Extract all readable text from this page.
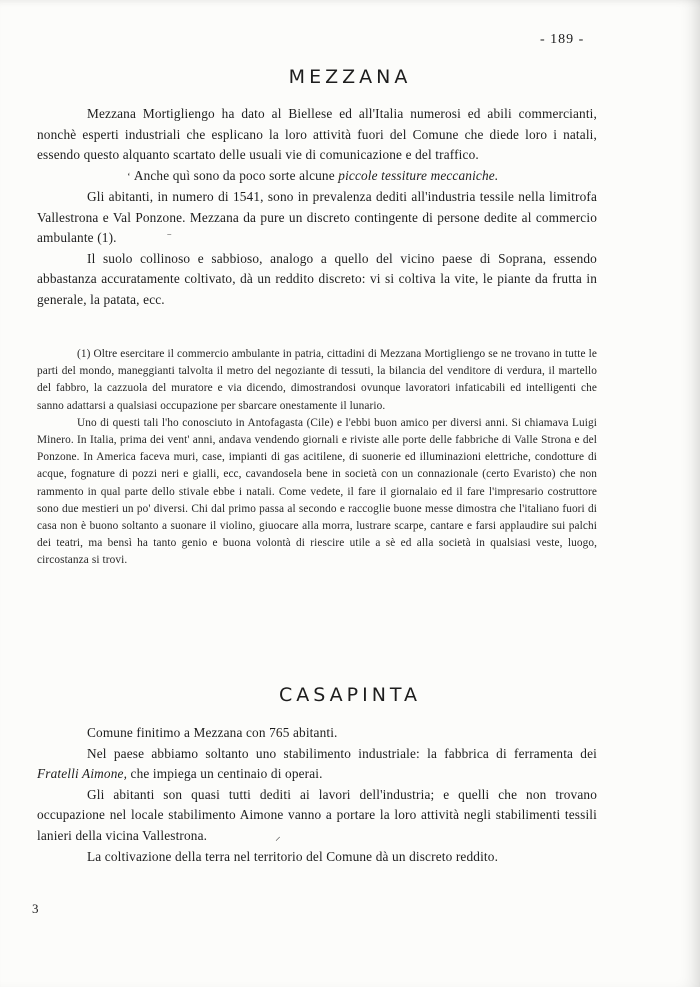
- 189 -
MEZZANA

Mezzana Mortigliengo ha dato al Biellese ed all'Italia numerosi ed abili commercianti, nonchè esperti industriali che esplicano la loro attività fuori del Comune che diede loro i natali, essendo questo alquanto scartato delle usuali vie di comunicazione e del traffico.

ʻ Anche quì sono da poco sorte alcune piccole tessiture meccaniche.

Gli abitanti, in numero di 1541, sono in prevalenza dediti all'industria tessile nella limitrofa Vallestrona e Val Ponzone. Mezzana da pure un discreto contingente di persone dedite al commercio ambulante (1).	⁻

Il suolo collinoso e sabbioso, analogo a quello del vicino paese di Soprana, essendo abbastanza accuratamente coltivato, dà un reddito discreto: vi si coltiva la vite, le piante da frutta in generale, la patata, ecc.

(1) Oltre esercitare il commercio ambulante in patria, cittadini di Mezzana Mortigliengo se ne trovano in tutte le parti del mondo, maneggianti talvolta il metro del negoziante di tessuti, la bilancia del venditore di verdura, il martello del fabbro, la cazzuola del muratore e via dicendo, dimostrandosi ovunque lavoratori infaticabili ed intelligenti che sanno adattarsi a qualsiasi occupazione per sbarcare onestamente il lunario.

Uno di questi tali l'ho conosciuto in Antofagasta (Cile) e l'ebbi buon amico per diversi anni. Si chiamava Luigi Minero. In Italia, prima dei vent' anni, andava vendendo giornali e riviste alle porte delle fabbriche di Valle Strona e del Ponzone. In America faceva muri, case, impianti di gas acitilene, di suonerie ed illuminazioni elettriche, condotture di acque, fognature di pozzi neri e gialli, ecc, cavandosela bene in società con un connazionale (certo Evaristo) che non rammento in qual parte dello stivale ebbe i natali. Come vedete, il fare il giornalaio ed il fare l'impresario costruttore sono due mestieri un po' diversi. Chi dal primo passa al secondo e raccoglie buone messe dimostra che l'italiano fuori di casa non è buono soltanto a suonare il violino, giuocare alla morra, lustrare scarpe, cantare e farsi applaudire sui palchi dei teatri, ma bensì ha tanto genio e buona volontà di riescire utile a sè ed alla società in qualsiasi veste, luogo, circostanza si trovi.

CASAPINTA

Comune finitimo a Mezzana con 765 abitanti.

Nel paese abbiamo soltanto uno stabilimento industriale: la fabbrica di ferramenta dei Fratelli Aimone, che impiega un centinaio di operai.

Gli abitanti son quasi tutti dediti ai lavori dell'industria; e quelli che non trovano occupazione nel locale stabilimento Aimone vanno a portare la loro attività negli stabilimenti tessili lanieri della vicina Vallestrona.	⸝

La coltivazione della terra nel territorio del Comune dà un discreto reddito.

3
